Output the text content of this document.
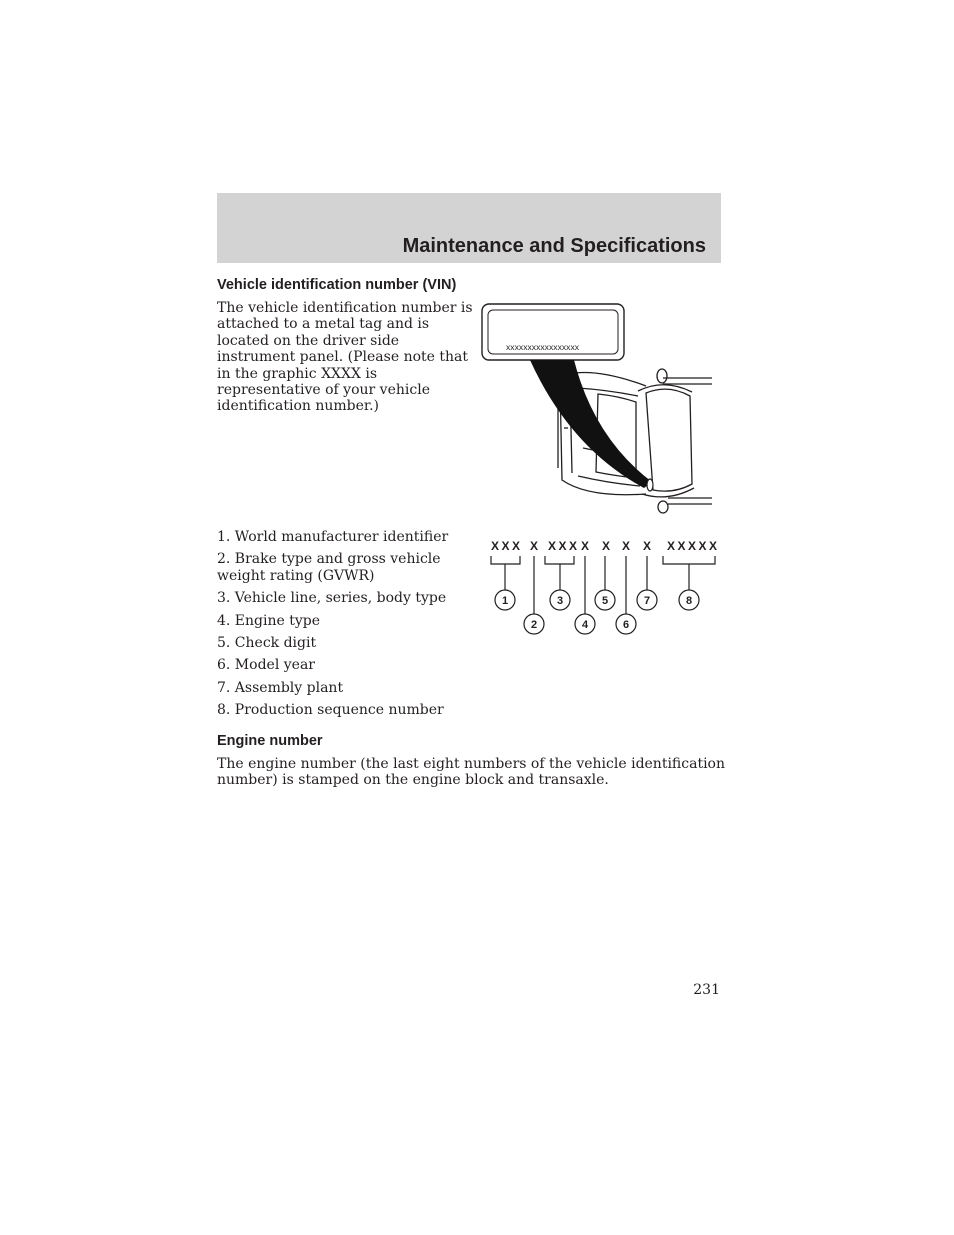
Maintenance and Specifications
Vehicle identification number (VIN)
The vehicle identification number is
attached to a metal tag and is
located on the driver side
instrument panel. (Please note that
in the graphic XXXX is
representative of your vehicle
identification number.)
xxxxxxxxxxxxxxxxx
1. World manufacturer identifier
2. Brake type and gross vehicle
weight rating (GVWR)
3. Vehicle line, series, body type
4. Engine type
5. Check digit
6. Model year
7. Assembly plant
8. Production sequence number
XXX X XXX X X X X XXXXX
1
2
3
4
5
6
7	8
Engine number
The engine number (the last eight numbers of the vehicle identification
number) is stamped on the engine block and transaxle.
231
